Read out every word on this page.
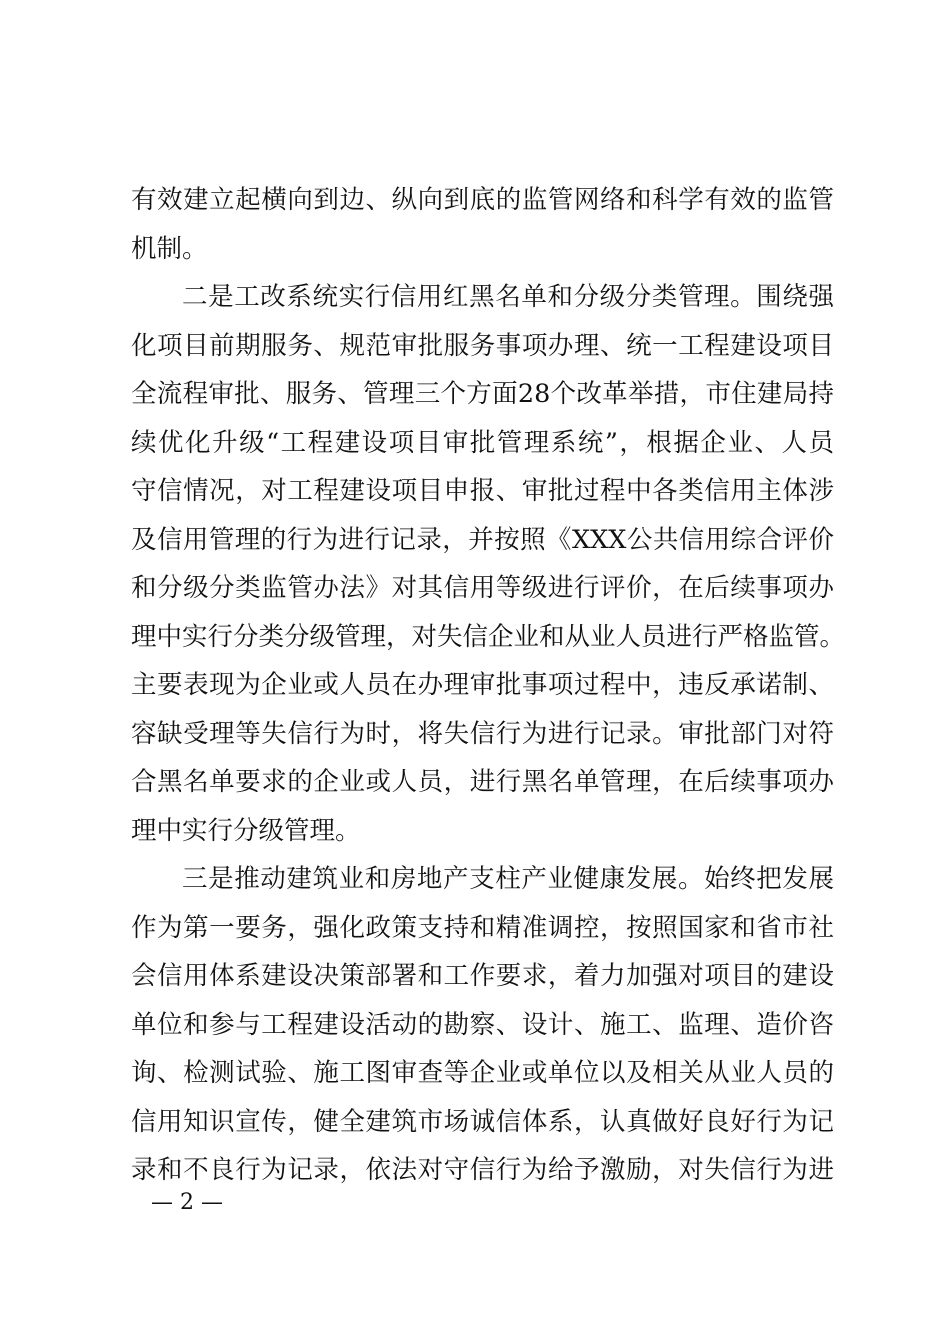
有效建立起横向到边、纵向到底的监管网络和科学有效的监管
机制。
二是工改系统实行信用红黑名单和分级分类管理。围绕强
化项目前期服务、规范审批服务事项办理、统一工程建设项目
全流程审批、服务、管理三个方面28个改革举措，市住建局持
续优化升级“工程建设项目审批管理系统”，根据企业、人员
守信情况，对工程建设项目申报、审批过程中各类信用主体涉
及信用管理的行为进行记录，并按照《XXX公共信用综合评价
和分级分类监管办法》对其信用等级进行评价，在后续事项办
理中实行分类分级管理，对失信企业和从业人员进行严格监管。
主要表现为企业或人员在办理审批事项过程中，违反承诺制、
容缺受理等失信行为时，将失信行为进行记录。审批部门对符
合黑名单要求的企业或人员，进行黑名单管理，在后续事项办
理中实行分级管理。
三是推动建筑业和房地产支柱产业健康发展。始终把发展
作为第一要务，强化政策支持和精准调控，按照国家和省市社
会信用体系建设决策部署和工作要求，着力加强对项目的建设
单位和参与工程建设活动的勘察、设计、施工、监理、造价咨
询、检测试验、施工图审查等企业或单位以及相关从业人员的
信用知识宣传，健全建筑市场诚信体系，认真做好良好行为记
录和不良行为记录，依法对守信行为给予激励，对失信行为进
— 2 —
